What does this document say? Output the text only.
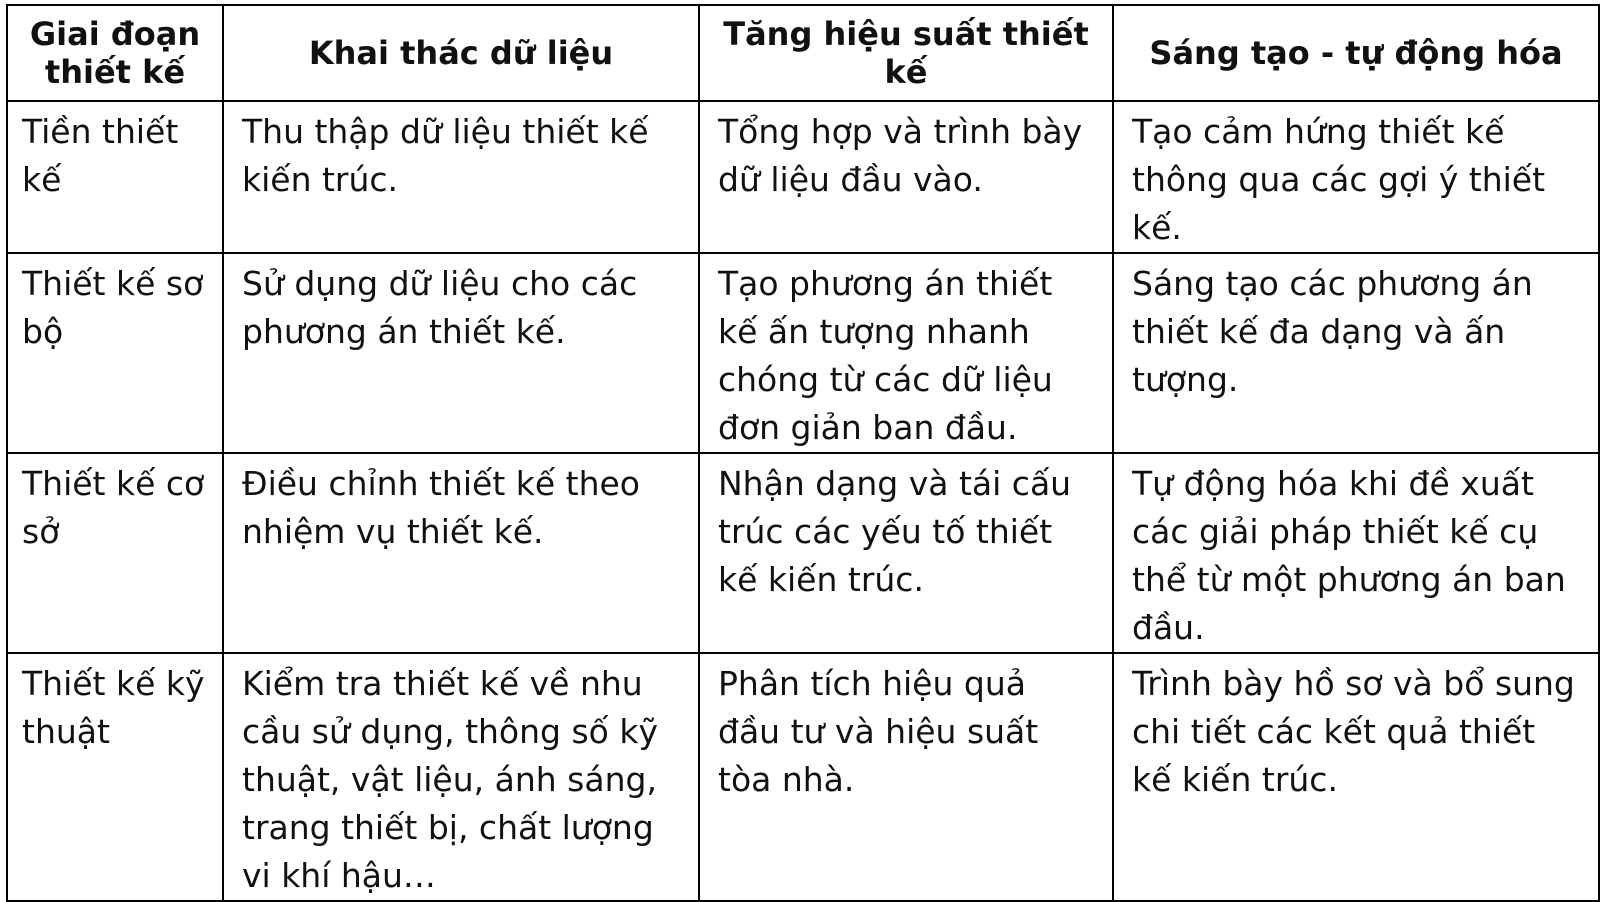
Giai đoạn thiết kế	Khai thác dữ liệu	Tăng hiệu suất thiết kế	Sáng tạo - tự động hóa
Tiền thiết kế	Thu thập dữ liệu thiết kế kiến trúc.	Tổng hợp và trình bày dữ liệu đầu vào.	Tạo cảm hứng thiết kế thông qua các gợi ý thiết kế.
Thiết kế sơ bộ	Sử dụng dữ liệu cho các phương án thiết kế.	Tạo phương án thiết kế ấn tượng nhanh chóng từ các dữ liệu đơn giản ban đầu.	Sáng tạo các phương án thiết kế đa dạng và ấn tượng.
Thiết kế cơ sở	Điều chỉnh thiết kế theo nhiệm vụ thiết kế.	Nhận dạng và tái cấu trúc các yếu tố thiết kế kiến trúc.	Tự động hóa khi đề xuất các giải pháp thiết kế cụ thể từ một phương án ban đầu.
Thiết kế kỹ thuật	Kiểm tra thiết kế về nhu cầu sử dụng, thông số kỹ thuật, vật liệu, ánh sáng, trang thiết bị, chất lượng vi khí hậu…	Phân tích hiệu quả đầu tư và hiệu suất tòa nhà.	Trình bày hồ sơ và bổ sung chi tiết các kết quả thiết kế kiến trúc.
